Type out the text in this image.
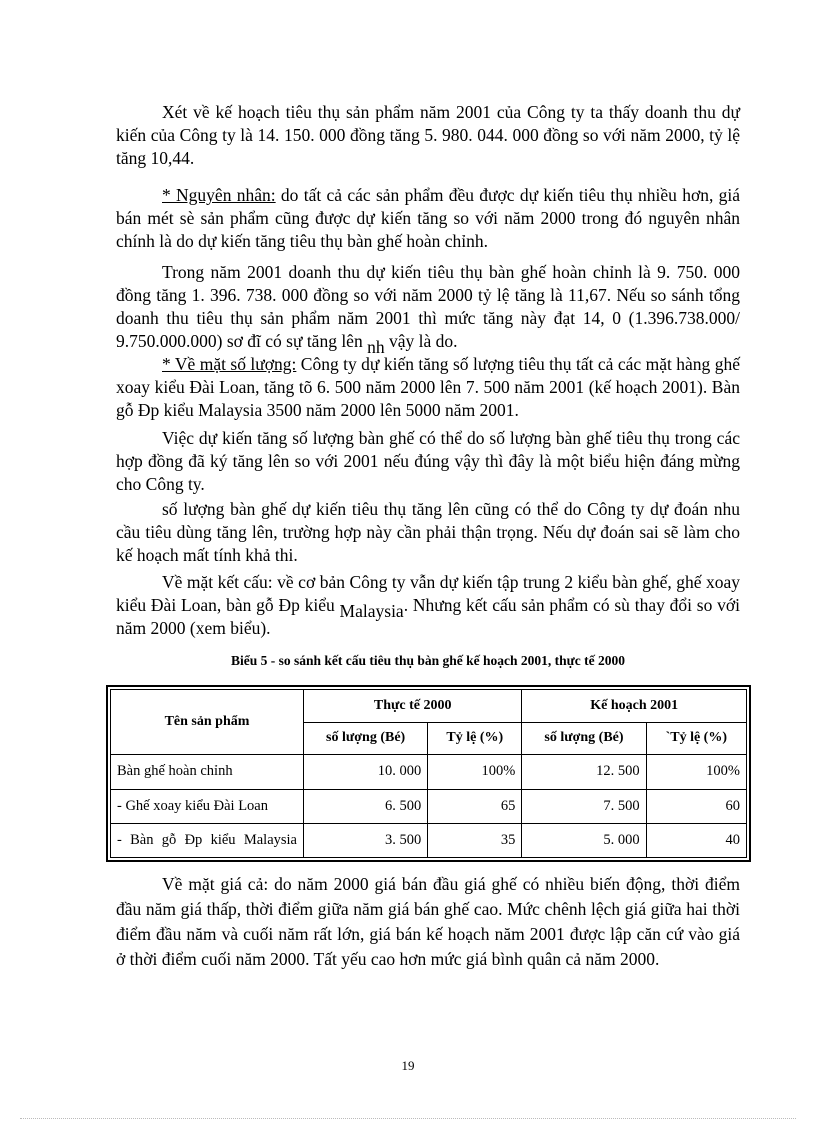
Xét về kế hoạch tiêu thụ sản phẩm năm 2001 của Công ty ta thấy doanh thu dự kiến của Công ty là 14. 150. 000 đồng tăng 5. 980. 044. 000 đồng so với năm 2000, tỷ lệ tăng 10,44.

* Nguyên nhân: do tất cả các sản phẩm đều được dự kiến tiêu thụ nhiều hơn, giá bán mét sè sản phẩm cũng được dự kiến tăng so với năm 2000 trong đó nguyên nhân chính là do dự kiến tăng tiêu thụ bàn ghế hoàn chỉnh.

Trong năm 2001 doanh thu dự kiến tiêu thụ bàn ghế hoàn chỉnh là 9. 750. 000 đồng tăng 1. 396. 738. 000 đồng so với năm 2000 tỷ lệ tăng là 11,67. Nếu so sánh tổng doanh thu tiêu thụ sản phẩm năm 2001 thì mức tăng này đạt 14, 0 (1.396.738.000/ 9.750.000.000) sơ đĩ có sự tăng lên nh vậy là do.

* Về mặt số lượng: Công ty dự kiến tăng số lượng tiêu thụ tất cả các mặt hàng ghế xoay kiểu Đài Loan, tăng tõ 6. 500 năm 2000 lên 7. 500 năm 2001 (kế hoạch 2001). Bàn gỗ Đp kiểu Malaysia 3500 năm 2000 lên 5000 năm 2001.

Việc dự kiến tăng số lượng bàn ghế có thể do số lượng bàn ghế tiêu thụ trong các hợp đồng đã ký tăng lên so với 2001 nếu đúng vậy thì đây là một biểu hiện đáng mừng cho Công ty.

số lượng bàn ghế dự kiến tiêu thụ tăng lên cũng có thể do Công ty dự đoán nhu cầu tiêu dùng tăng lên, trường hợp này cần phải thận trọng. Nếu dự đoán sai sẽ làm cho kế hoạch mất tính khả thi.

Về mặt kết cấu: về cơ bản Công ty vẫn dự kiến tập trung 2 kiểu bàn ghế, ghế xoay kiểu Đài Loan, bàn gỗ Đp kiểu Malaysia. Nhưng kết cấu sản phẩm có sù thay đổi so với năm 2000 (xem biểu).

Biểu 5 - so sánh kết cấu tiêu thụ bàn ghế kế hoạch 2001, thực tế 2000

Tên sản phẩm	Thực tế 2000		Kế hoạch 2001	
	số lượng (Bé)	Tỷ lệ (%)	số lượng (Bé)	`Tỷ lệ (%)
Bàn ghế hoàn chỉnh	10. 000	100%	12. 500	100%
- Ghế xoay kiểu Đài Loan	6. 500	65	7. 500	60
- Bàn gỗ Đp kiểu Malaysia	3. 500	35	5. 000	40

Về mặt giá cả: do năm 2000 giá bán đầu giá ghế có nhiều biến động, thời điểm đầu năm giá thấp, thời điểm giữa năm giá bán ghế cao. Mức chênh lệch giá giữa hai thời điểm đầu năm và cuối năm rất lớn, giá bán kế hoạch năm 2001 được lập căn cứ vào giá ở thời điểm cuối năm 2000. Tất yếu cao hơn mức giá bình quân cả năm 2000.

19
